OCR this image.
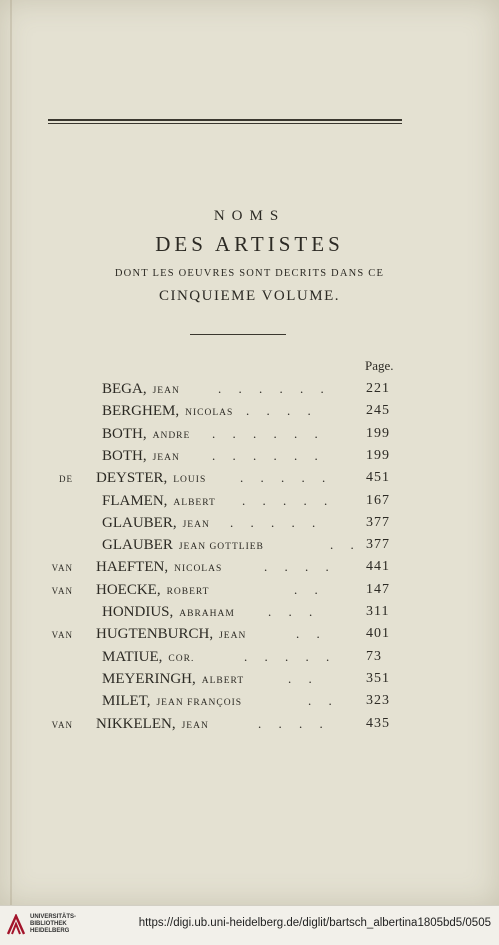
NOMS
DES ARTISTES
DONT LES OEUVRES SONT DECRITS DANS CE
CINQUIEME VOLUME.
Page.
BEGA, JEAN	. . . . . .	221
BERGHEM, NICOLAS . . . .	245
BOTH, ANDRE . . . . . .	199
BOTH, JEAN . . . . . .	199
DE DEYSTER, LOUIS	. . . . . 451
FLAMEN, ALBERT . . . . . 167
GLAUBER, JEAN . . . . .	377
GLAUBER JEAN GOTTLIEB	. . 377
VAN HAEFTEN, NICOLAS	. . . . 441
VAN HOECKE, ROBERT	. .	147
HONDIUS, ABRAHAM	. . .	311
VAN HUGTENBURCH, JEAN	. .	401
MATIUE, COR.	. . . . . 73
MEYERINGH, ALBERT	. .	351
MILET, JEAN FRANÇOIS	. . 323
VAN NIKKELEN, JEAN	. . . .	435
UNIVERSITÄTS-
BIBLIOTHEK
HEIDELBERG
https://digi.ub.uni-heidelberg.de/diglit/bartsch_albertina1805bd5/0505
